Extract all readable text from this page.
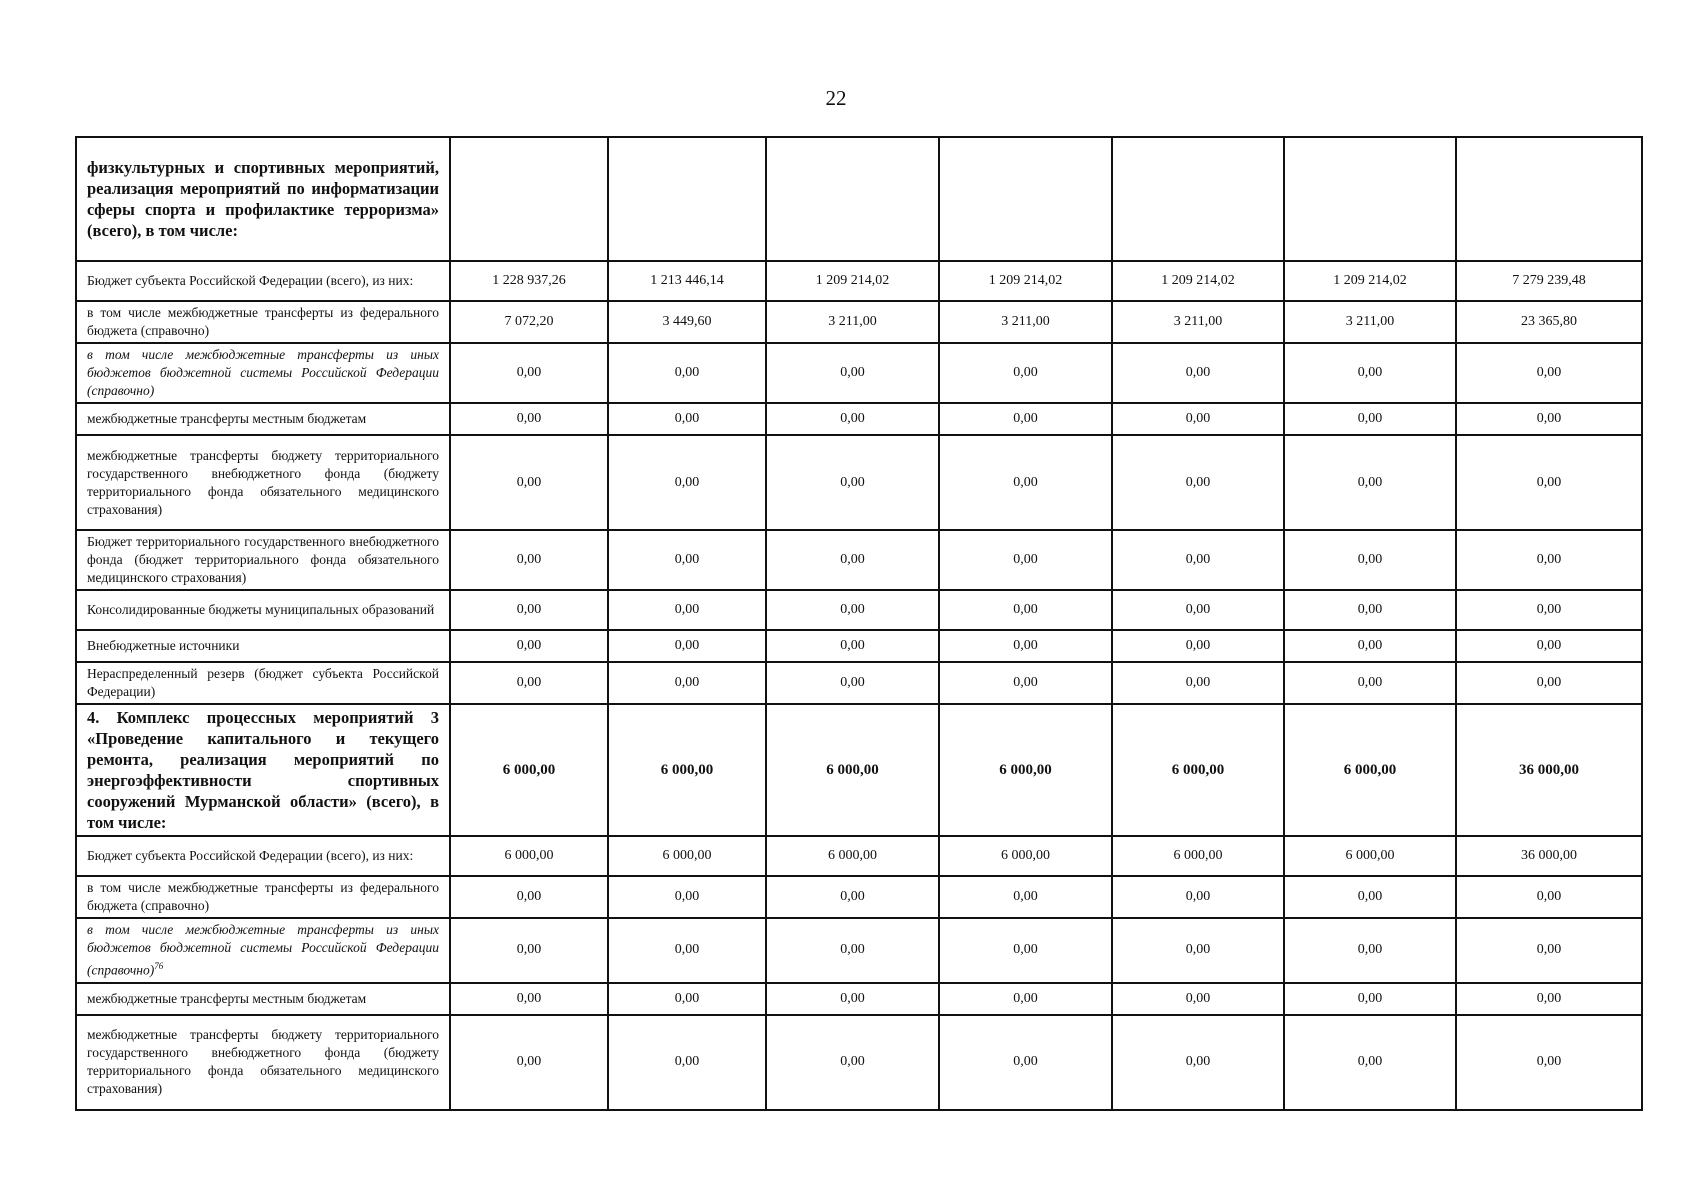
22
физкультурных и спортивных мероприятий, реализация мероприятий по информатизации сферы спорта и профилактике терроризма» (всего), в том числе:							
Бюджет субъекта Российской Федерации (всего), из них:	1 228 937,26	1 213 446,14	1 209 214,02	1 209 214,02	1 209 214,02	1 209 214,02	7 279 239,48
в том числе межбюджетные трансферты из федерального бюджета (справочно)	7 072,20	3 449,60	3 211,00	3 211,00	3 211,00	3 211,00	23 365,80
в том числе межбюджетные трансферты из иных бюджетов бюджетной системы Российской Федерации (справочно)	0,00	0,00	0,00	0,00	0,00	0,00	0,00
межбюджетные трансферты местным бюджетам	0,00	0,00	0,00	0,00	0,00	0,00	0,00
межбюджетные трансферты бюджету территориального государственного внебюджетного фонда (бюджету территориального фонда обязательного медицинского страхования)	0,00	0,00	0,00	0,00	0,00	0,00	0,00
Бюджет территориального государственного внебюджетного фонда (бюджет территориального фонда обязательного медицинского страхования)	0,00	0,00	0,00	0,00	0,00	0,00	0,00
Консолидированные бюджеты муниципальных образований	0,00	0,00	0,00	0,00	0,00	0,00	0,00
Внебюджетные источники	0,00	0,00	0,00	0,00	0,00	0,00	0,00
Нераспределенный резерв (бюджет субъекта Российской Федерации)	0,00	0,00	0,00	0,00	0,00	0,00	0,00
4. Комплекс процессных мероприятий 3 «Проведение капитального и текущего ремонта, реализация мероприятий по энергоэффективности спортивных сооружений Мурманской области» (всего), в том числе:	6 000,00	6 000,00	6 000,00	6 000,00	6 000,00	6 000,00	36 000,00
Бюджет субъекта Российской Федерации (всего), из них:	6 000,00	6 000,00	6 000,00	6 000,00	6 000,00	6 000,00	36 000,00
в том числе межбюджетные трансферты из федерального бюджета (справочно)	0,00	0,00	0,00	0,00	0,00	0,00	0,00
в том числе межбюджетные трансферты из иных бюджетов бюджетной системы Российской Федерации (справочно)$^{76}$	0,00	0,00	0,00	0,00	0,00	0,00	0,00
межбюджетные трансферты местным бюджетам	0,00	0,00	0,00	0,00	0,00	0,00	0,00
межбюджетные трансферты бюджету территориального государственного внебюджетного фонда (бюджету территориального фонда обязательного медицинского страхования)	0,00	0,00	0,00	0,00	0,00	0,00	0,00
